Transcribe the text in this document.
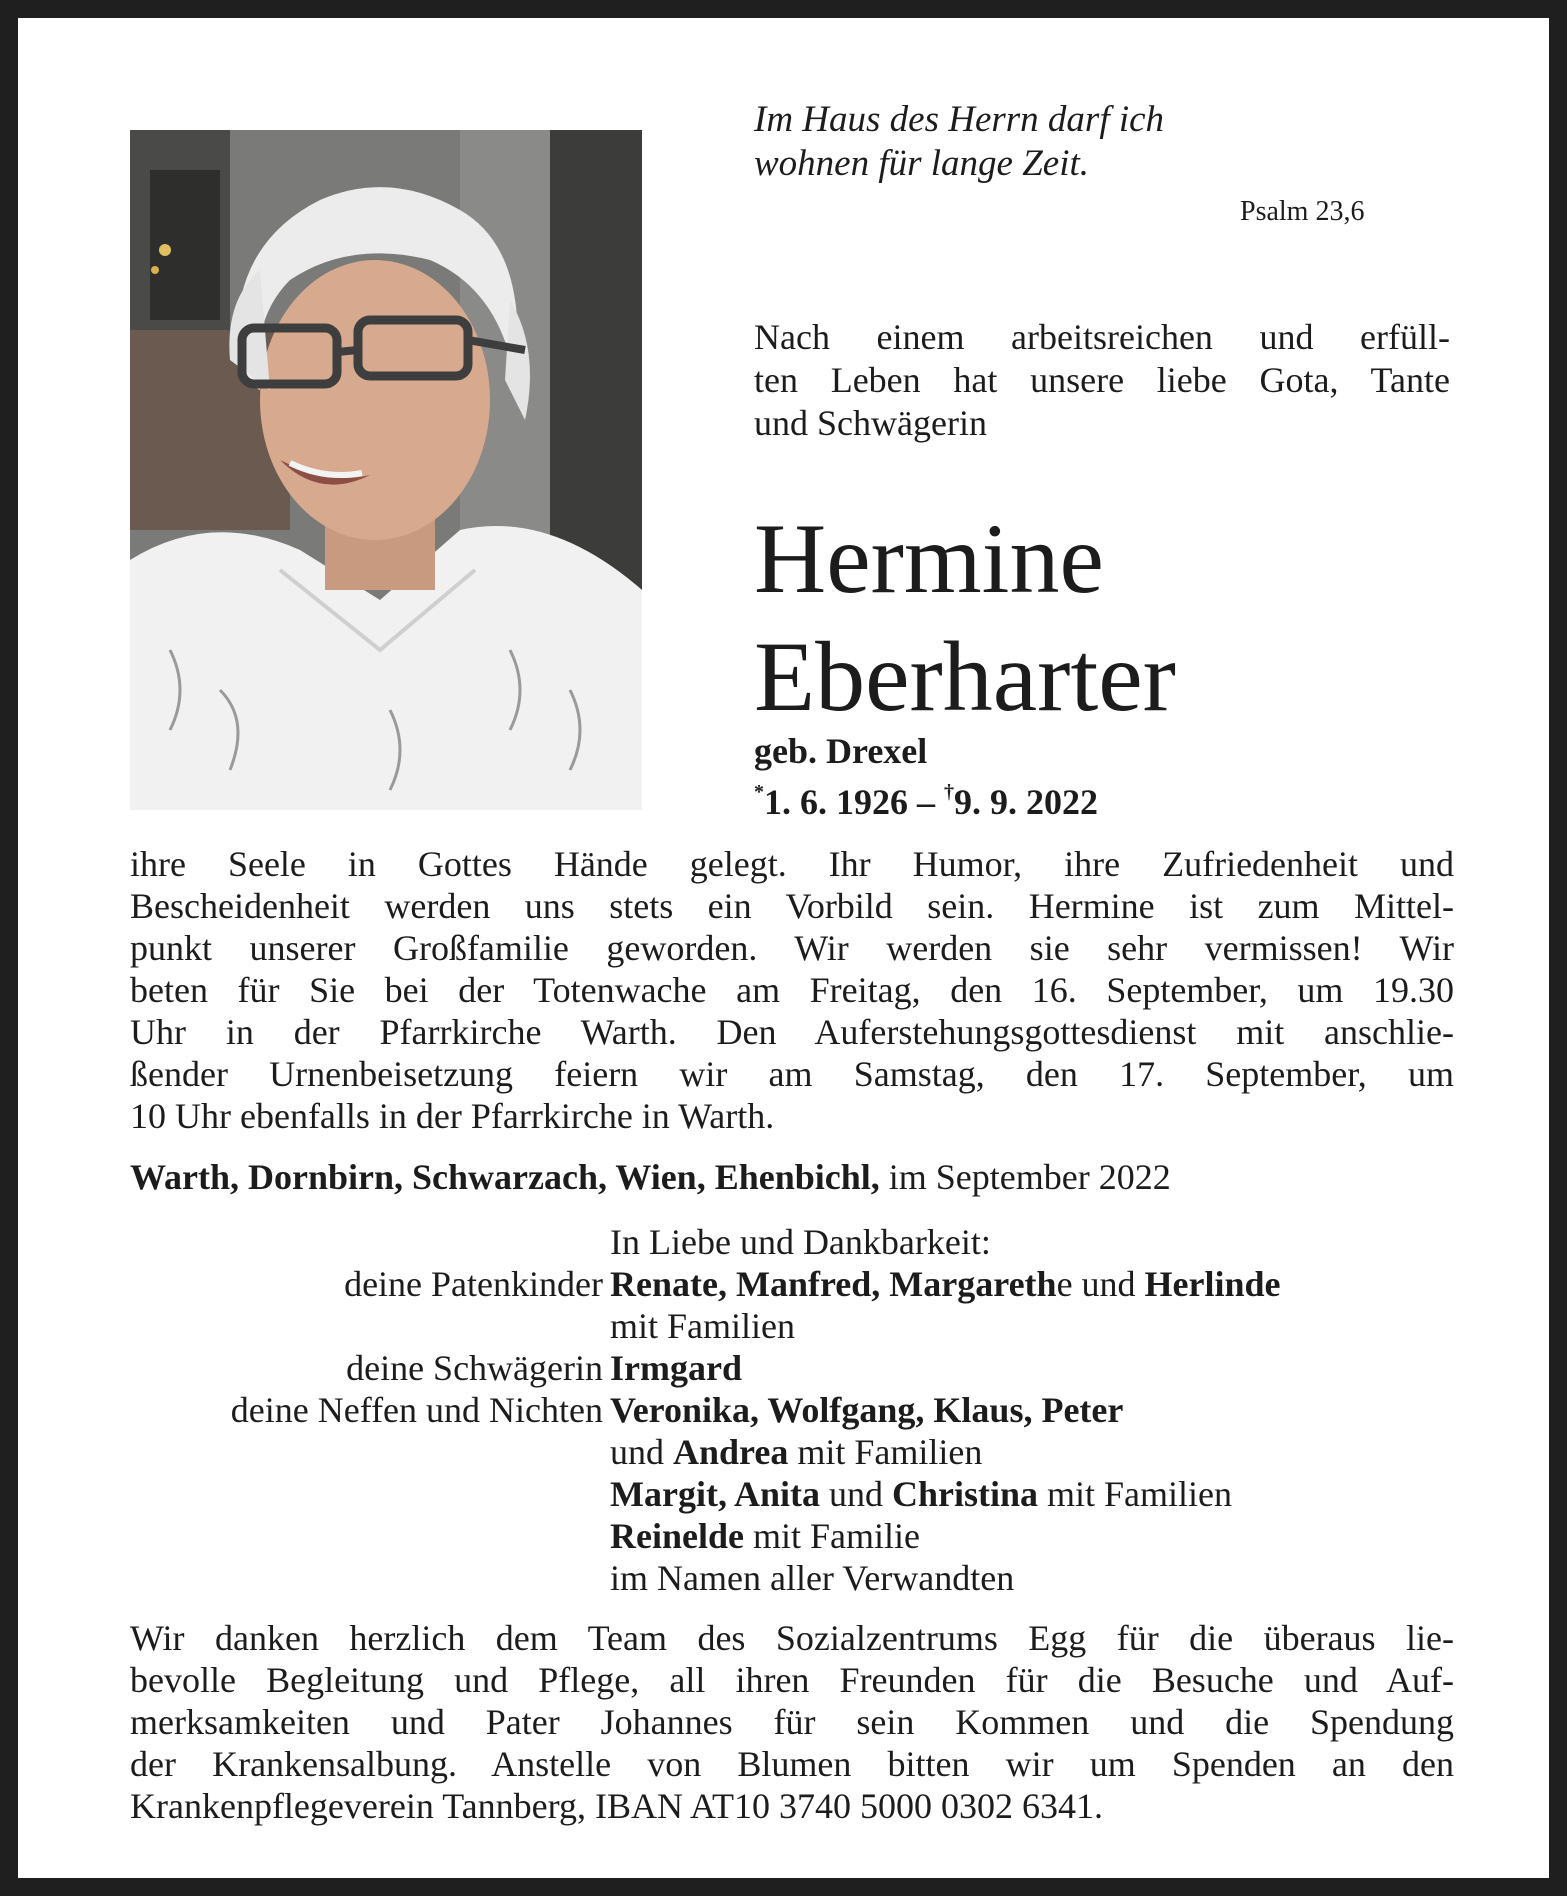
Im Haus des Herrn darf ich
wohnen für lange Zeit.
Psalm 23,6
Nach einem arbeitsreichen und erfüll-
ten Leben hat unsere liebe Gota, Tante
und Schwägerin
Hermine
Eberharter
geb. Drexel
*1. 6. 1926 – †9. 9. 2022
ihre Seele in Gottes Hände gelegt. Ihr Humor, ihre Zufriedenheit und
Bescheidenheit werden uns stets ein Vorbild sein. Hermine ist zum Mittel-
punkt unserer Großfamilie geworden. Wir werden sie sehr vermissen! Wir
beten für Sie bei der Totenwache am Freitag, den 16. September, um 19.30
Uhr in der Pfarrkirche Warth. Den Auferstehungsgottesdienst mit anschlie-
ßender Urnenbeisetzung feiern wir am Samstag, den 17. September, um
10 Uhr ebenfalls in der Pfarrkirche in Warth.
Warth, Dornbirn, Schwarzach, Wien, Ehenbichl, im September 2022
In Liebe und Dankbarkeit:
deine Patenkinder Renate, Manfred, Margarethe und Herlinde
mit Familien
deine Schwägerin Irmgard
deine Neffen und Nichten Veronika, Wolfgang, Klaus, Peter
und Andrea mit Familien
Margit, Anita und Christina mit Familien
Reinelde mit Familie
im Namen aller Verwandten
Wir danken herzlich dem Team des Sozialzentrums Egg für die überaus lie-
bevolle Begleitung und Pflege, all ihren Freunden für die Besuche und Auf-
merksamkeiten und Pater Johannes für sein Kommen und die Spendung
der Krankensalbung. Anstelle von Blumen bitten wir um Spenden an den
Krankenpflegeverein Tannberg, IBAN AT10 3740 5000 0302 6341.
